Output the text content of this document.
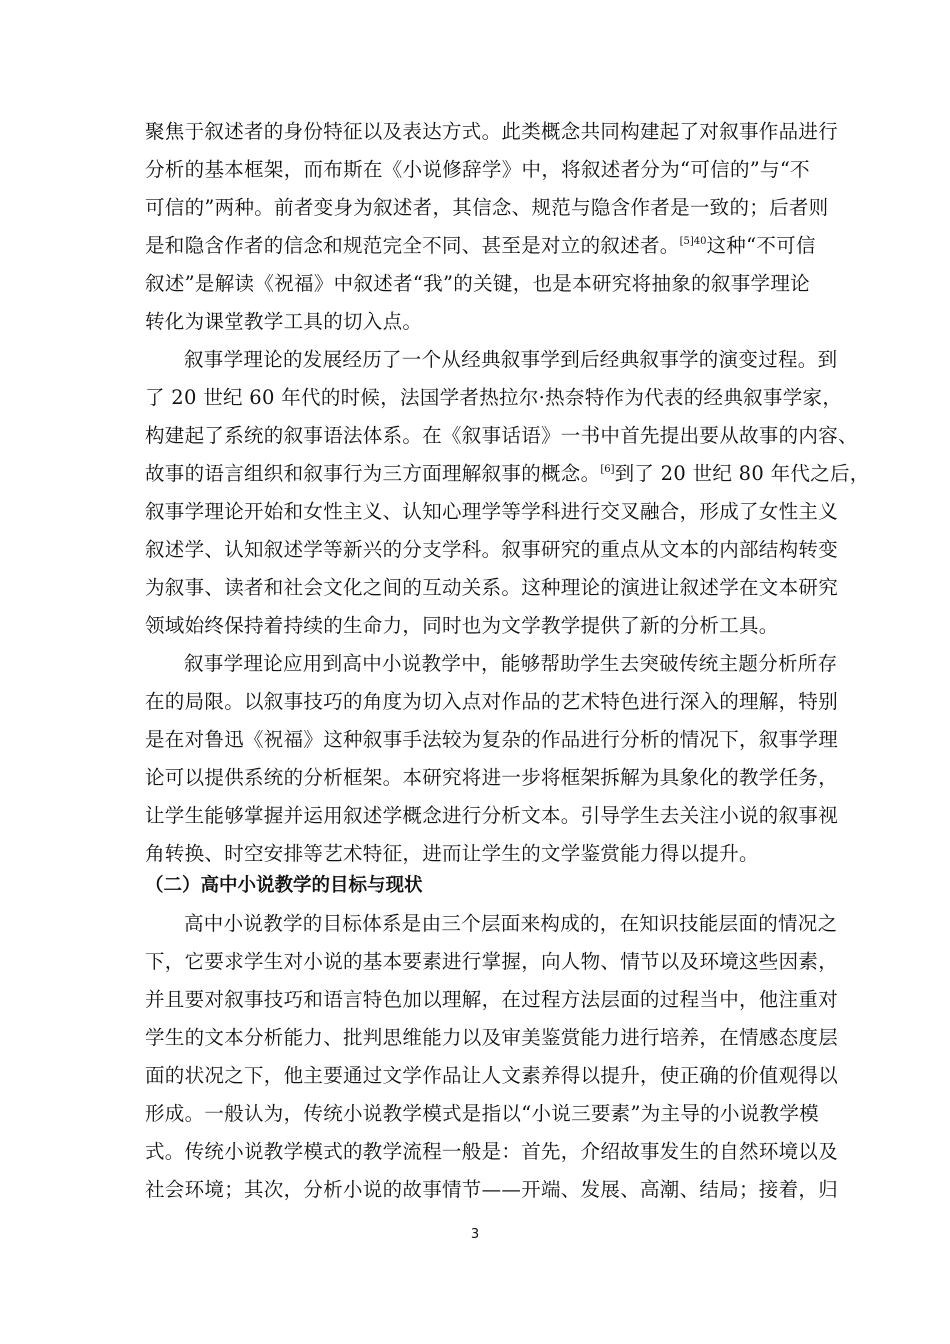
聚焦于叙述者的身份特征以及表达方式。此类概念共同构建起了对叙事作品进行
分析的基本框架，而布斯在《小说修辞学》中，将叙述者分为“可信的”与“不
可信的”两种。前者变身为叙述者，其信念、规范与隐含作者是一致的；后者则
是和隐含作者的信念和规范完全不同、甚至是对立的叙述者。$^{[5]40}$这种“不可信
叙述”是解读《祝福》中叙述者“我”的关键，也是本研究将抽象的叙事学理论
转化为课堂教学工具的切入点。
叙事学理论的发展经历了一个从经典叙事学到后经典叙事学的演变过程。到
了 20 世纪 60 年代的时候，法国学者热拉尔·热奈特作为代表的经典叙事学家，
构建起了系统的叙事语法体系。在《叙事话语》一书中首先提出要从故事的内容、
故事的语言组织和叙事行为三方面理解叙事的概念。[6]到了 20 世纪 80 年代之后，
叙事学理论开始和女性主义、认知心理学等学科进行交叉融合，形成了女性主义
叙述学、认知叙述学等新兴的分支学科。叙事研究的重点从文本的内部结构转变
为叙事、读者和社会文化之间的互动关系。这种理论的演进让叙述学在文本研究
领域始终保持着持续的生命力，同时也为文学教学提供了新的分析工具。
叙事学理论应用到高中小说教学中，能够帮助学生去突破传统主题分析所存
在的局限。以叙事技巧的角度为切入点对作品的艺术特色进行深入的理解，特别
是在对鲁迅《祝福》这种叙事手法较为复杂的作品进行分析的情况下，叙事学理
论可以提供系统的分析框架。本研究将进一步将框架拆解为具象化的教学任务，
让学生能够掌握并运用叙述学概念进行分析文本。引导学生去关注小说的叙事视
角转换、时空安排等艺术特征，进而让学生的文学鉴赏能力得以提升。
（二）高中小说教学的目标与现状
高中小说教学的目标体系是由三个层面来构成的，在知识技能层面的情况之
下，它要求学生对小说的基本要素进行掌握，向人物、情节以及环境这些因素，
并且要对叙事技巧和语言特色加以理解，在过程方法层面的过程当中，他注重对
学生的文本分析能力、批判思维能力以及审美鉴赏能力进行培养，在情感态度层
面的状况之下，他主要通过文学作品让人文素养得以提升，使正确的价值观得以
形成。一般认为，传统小说教学模式是指以“小说三要素”为主导的小说教学模
式。传统小说教学模式的教学流程一般是：首先，介绍故事发生的自然环境以及
社会环境；其次，分析小说的故事情节——开端、发展、高潮、结局；接着，归
3
